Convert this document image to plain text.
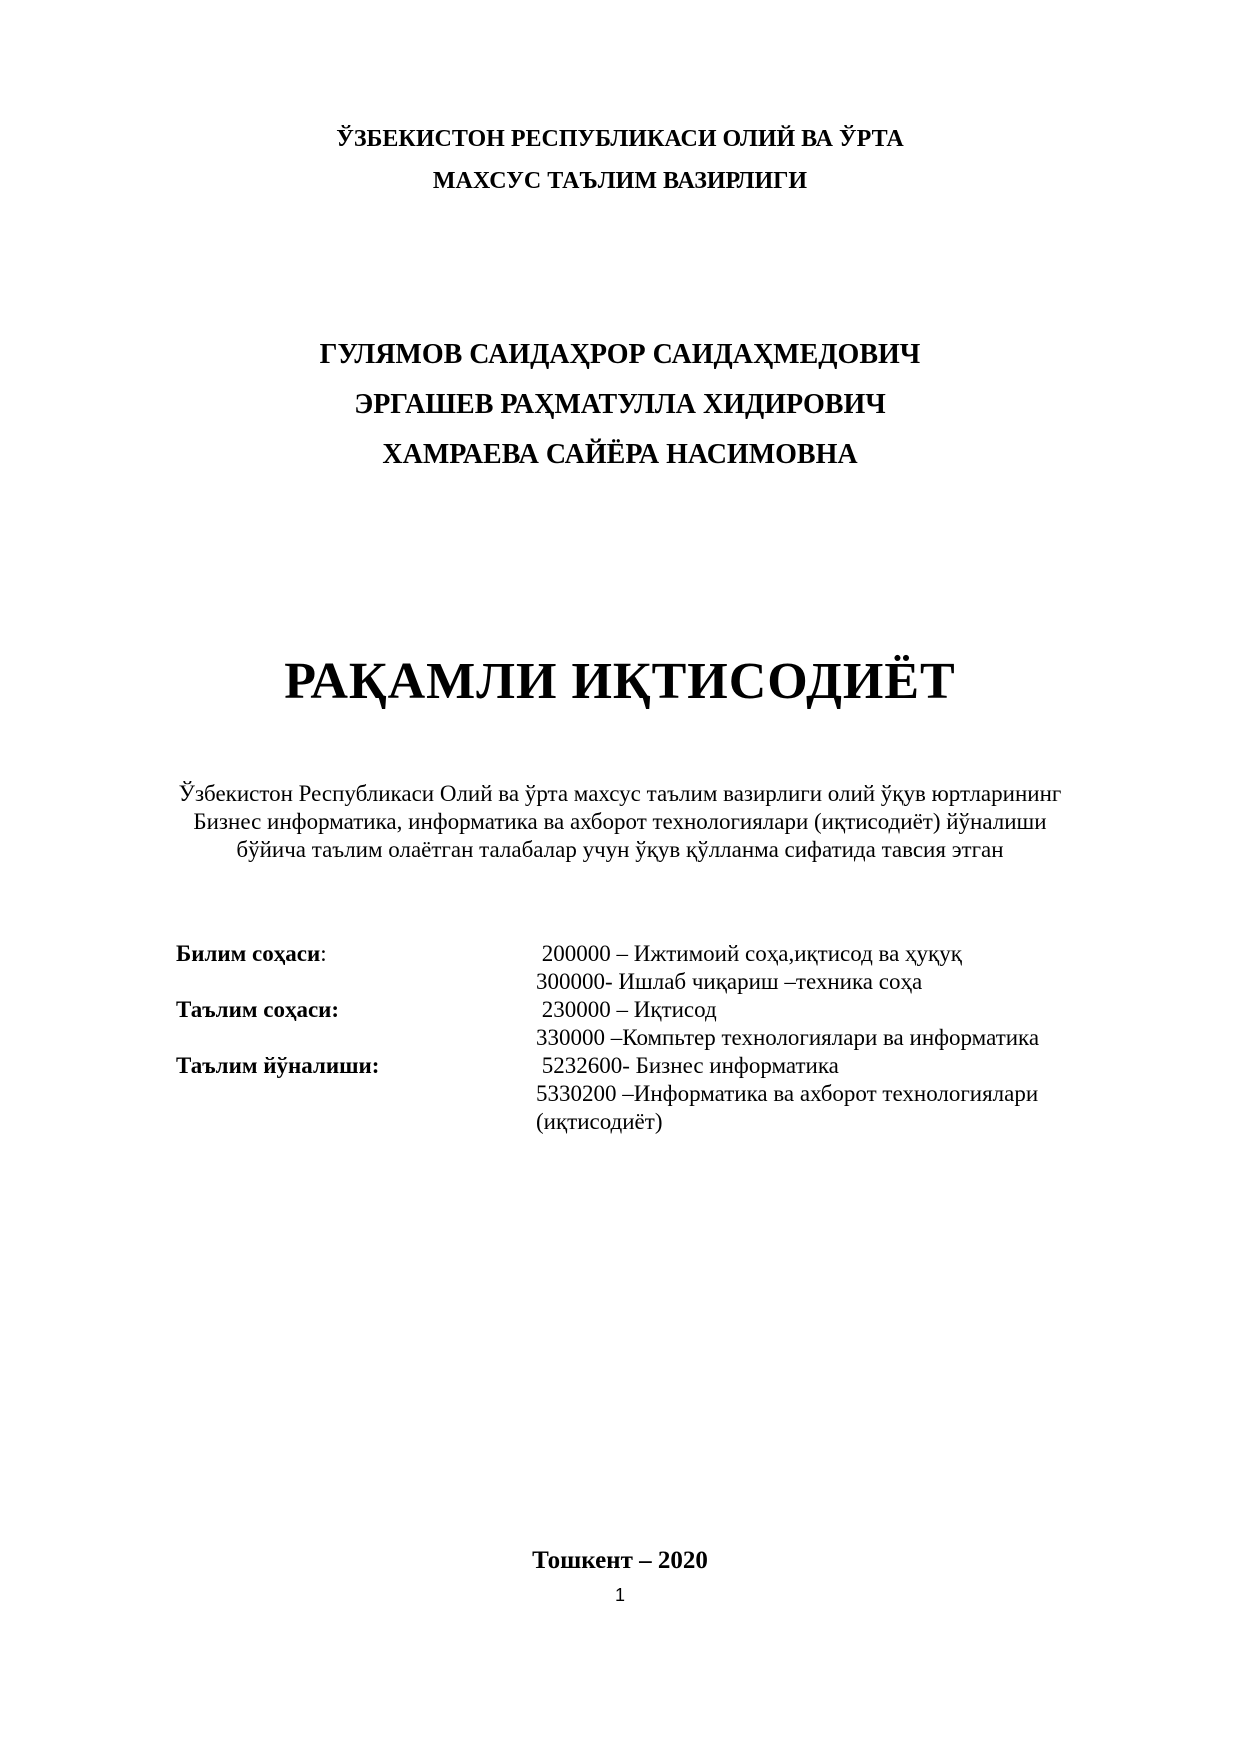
ЎЗБЕКИСТОН РЕСПУБЛИКАСИ ОЛИЙ ВА ЎРТА
МАХСУС ТАЪЛИМ ВАЗИРЛИГИ
ГУЛЯМОВ САИДАҲРОР САИДАҲМЕДОВИЧ
ЭРГАШЕВ РАҲМАТУЛЛА ХИДИРОВИЧ
ХАМРАЕВА САЙЁРА НАСИМОВНА
РАҚАМЛИ ИҚТИСОДИЁТ
Ўзбекистон Республикаси Олий ва ўрта махсус таълим вазирлиги олий ўқув юртларининг
Бизнес информатика, информатика ва ахборот технологиялари (иқтисодиёт) йўналиши
бўйича таълим олаётган талабалар учун ўқув қўлланма сифатида тавсия этган
Билим соҳаси:	200000 – Ижтимоий соҳа,иқтисод ва ҳуқуқ
300000- Ишлаб чиқариш –техника соҳа
Таълим соҳаси:	230000 – Иқтисод
330000 –Компьтер технологиялари ва информатика
Таълим йўналиши:	5232600- Бизнес информатика
5330200 –Информатика ва ахборот технологиялари
(иқтисодиёт)
Тошкент – 2020
1
